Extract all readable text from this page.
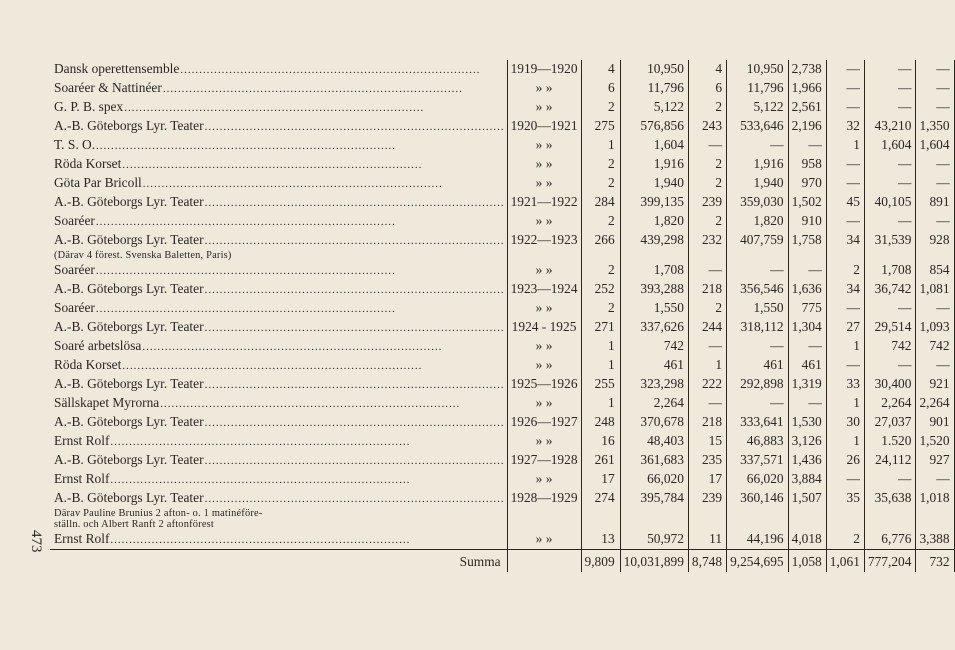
473
Dansk operettensemble ................................................................................	1919—1920	4	10,950	4	10,950	2,738	—	—	—

Soaréer & Nattinéer ................................................................................	» »	6	11,796	6	11,796	1,966	—	—	—

G. P. B. spex ................................................................................	» »	2	5,122	2	5,122	2,561	—	—	—

A.-B. Göteborgs Lyr. Teater ................................................................................	1920—1921	275	576,856	243	533,646	2,196	32	43,210	1,350

T. S. O. ................................................................................	» »	1	1,604	—	—	—	1	1,604	1,604

Röda Korset ................................................................................	» »	2	1,916	2	1,916	958	—	—	—

Göta Par Bricoll ................................................................................	» »	2	1,940	2	1,940	970	—	—	—

A.-B. Göteborgs Lyr. Teater ................................................................................	1921—1922	284	399,135	239	359,030	1,502	45	40,105	891

Soaréer ................................................................................	» »	2	1,820	2	1,820	910	—	—	—

A.-B. Göteborgs Lyr. Teater ................................................................................
(Därav 4 förest. Svenska Baletten, Paris)	1922—1923	266	439,298	232	407,759	1,758	34	31,539	928

Soaréer ................................................................................	» »	2	1,708	—	—	—	2	1,708	854

A.-B. Göteborgs Lyr. Teater ................................................................................	1923—1924	252	393,288	218	356,546	1,636	34	36,742	1,081

Soaréer ................................................................................	» »	2	1,550	2	1,550	775	—	—	—

A.-B. Göteborgs Lyr. Teater ................................................................................	1924 - 1925	271	337,626	244	318,112	1,304	27	29,514	1,093

Soaré arbetslösa ................................................................................	» »	1	742	—	—	—	1	742	742

Röda Korset ................................................................................	» »	1	461	1	461	461	—	—	—

A.-B. Göteborgs Lyr. Teater ................................................................................	1925—1926	255	323,298	222	292,898	1,319	33	30,400	921

Sällskapet Myrorna ................................................................................	» »	1	2,264	—	—	—	1	2,264	2,264

A.-B. Göteborgs Lyr. Teater ................................................................................	1926—1927	248	370,678	218	333,641	1,530	30	27,037	901

Ernst Rolf ................................................................................	» »	16	48,403	15	46,883	3,126	1	1.520	1,520

A.-B. Göteborgs Lyr. Teater ................................................................................	1927—1928	261	361,683	235	337,571	1,436	26	24,112	927

Ernst Rolf ................................................................................	» »	17	66,020	17	66,020	3,884	—	—	—

A.-B. Göteborgs Lyr. Teater ................................................................................
Därav Pauline Brunius 2 afton- o. 1 matinéföre-
ställn. och Albert Ranft 2 aftonförest	1928—1929	274	395,784	239	360,146	1,507	35	35,638	1,018

Ernst Rolf ................................................................................	» »	13	50,972	11	44,196	4,018	2	6,776	3,388
Summa		9,809	10,031,899	8,748	9,254,695	1,058	1,061	777,204	732
